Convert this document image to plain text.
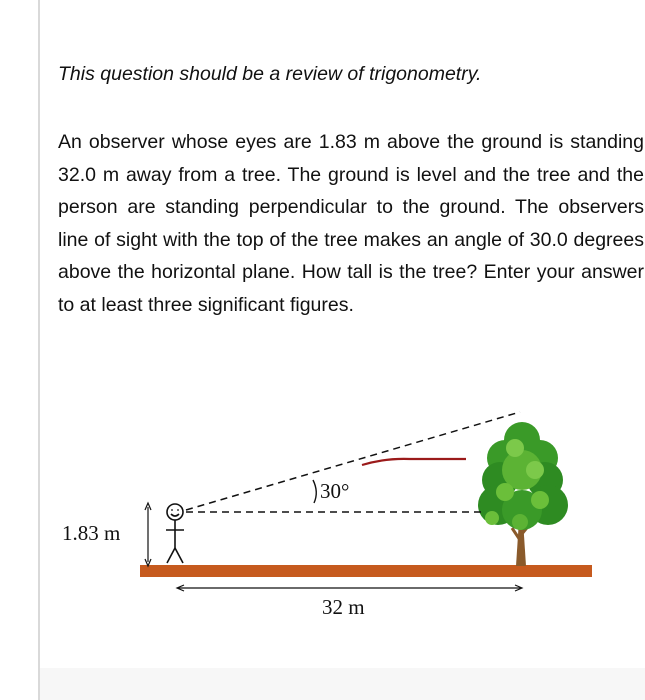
This question should be a review of trigonometry.

An observer whose eyes are 1.83 m above the ground is standing 32.0 m away from a tree. The ground is level and the tree and the person are standing perpendicular to the ground. The observers line of sight with the top of the tree makes an angle of 30.0 degrees above the horizontal plane. How tall is the tree? Enter your answer to at least three significant figures.

30°
1.83 m
32 m
